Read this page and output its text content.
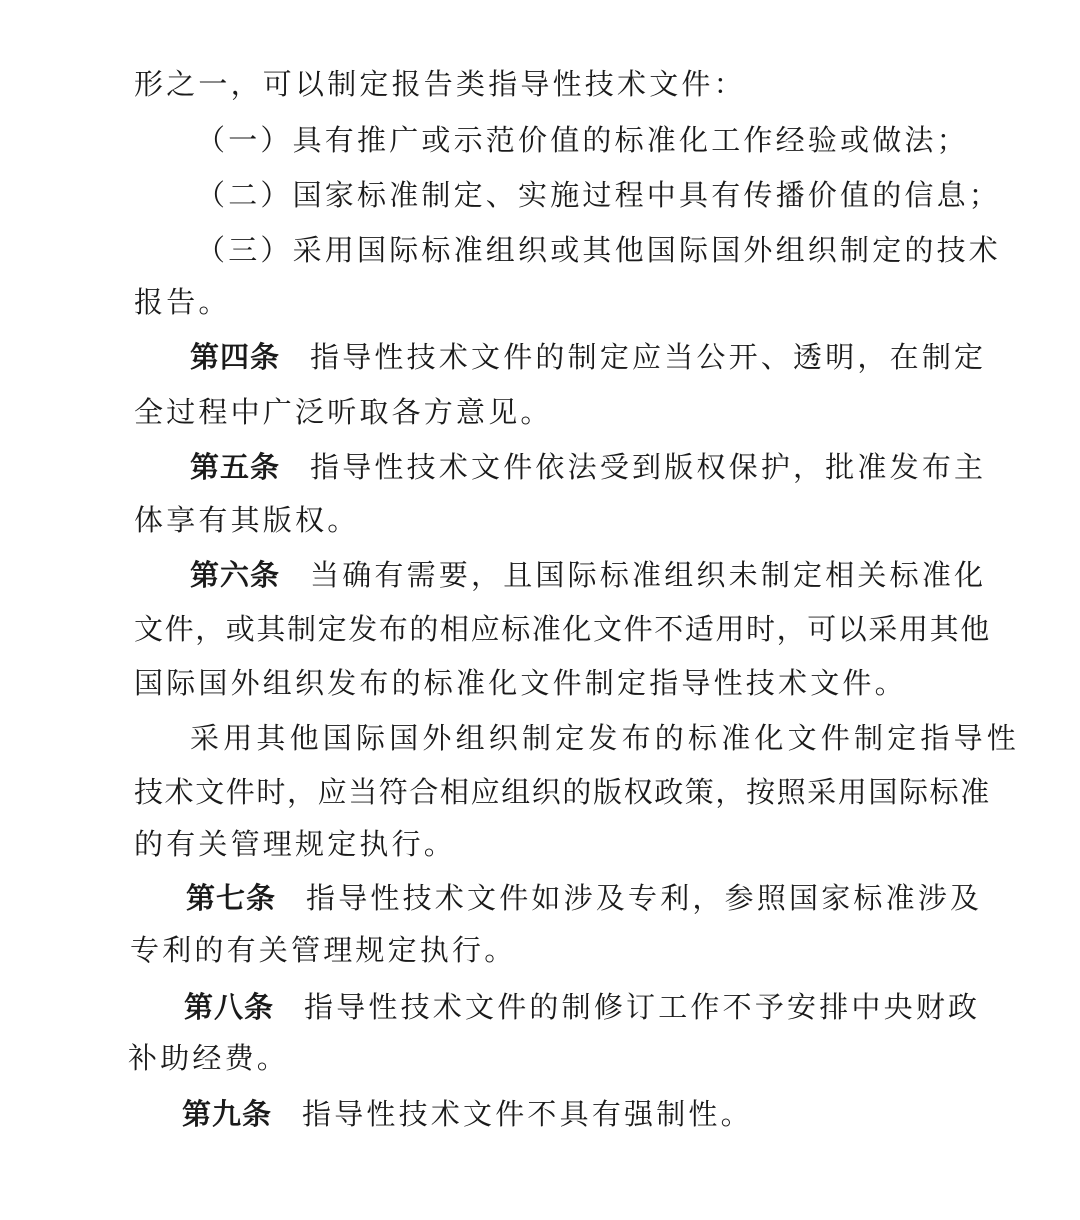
形之一，可以制定报告类指导性技术文件：

（一）具有推广或示范价值的标准化工作经验或做法；

（二）国家标准制定、实施过程中具有传播价值的信息；

（三）采用国际标准组织或其他国际国外组织制定的技术

报告。

第四条 指导性技术文件的制定应当公开、透明，在制定

全过程中广泛听取各方意见。

第五条 指导性技术文件依法受到版权保护，批准发布主

体享有其版权。

第六条 当确有需要，且国际标准组织未制定相关标准化

文件，或其制定发布的相应标准化文件不适用时，可以采用其他

国际国外组织发布的标准化文件制定指导性技术文件。

采用其他国际国外组织制定发布的标准化文件制定指导性

技术文件时，应当符合相应组织的版权政策，按照采用国际标准

的有关管理规定执行。

第七条 指导性技术文件如涉及专利，参照国家标准涉及

专利的有关管理规定执行。

第八条 指导性技术文件的制修订工作不予安排中央财政

补助经费。

第九条 指导性技术文件不具有强制性。
